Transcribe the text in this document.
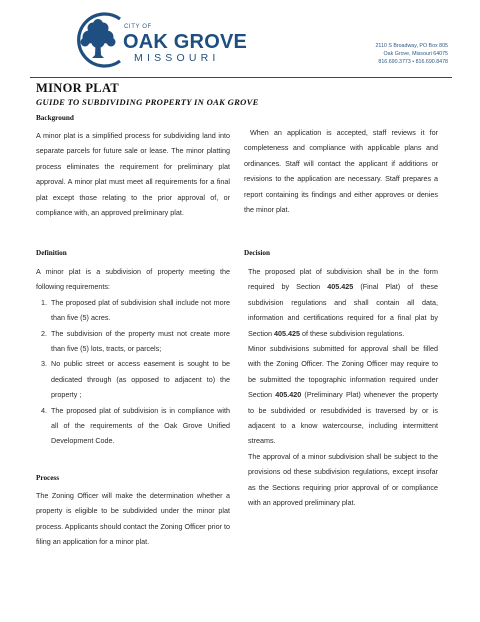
CITY OF
OAK GROVE
MISSOURI
2110 S Broadway, PO Box 805
Oak Grove, Missouri 64075
816.690.3773 • 816.690.8478
MINOR PLAT
GUIDE TO SUBDIVIDING PROPERTY IN OAK GROVE
Background
A minor plat is a simplified process for subdividing land into separate parcels for future sale or lease. The minor platting process eliminates the requirement for preliminary plat approval. A minor plat must meet all requirements for a final plat except those relating to the prior approval of, or compliance with, an approved preliminary plat.
When an application is accepted, staff reviews it for completeness and compliance with applicable plans and ordinances. Staff will contact the applicant if additions or revisions to the application are necessary. Staff prepares a report containing its findings and either approves or denies the minor plat.
Definition

A minor plat is a subdivision of property meeting the following requirements:

1. The proposed plat of subdivision shall include not more than five (5) acres.
2. The subdivision of the property must not create more than five (5) lots, tracts, or parcels;
3. No public street or access easement is sought to be dedicated through (as opposed to adjacent to) the property ;
4. The proposed plat of subdivision is in compliance with all of the requirements of the Oak Grove Unified Development Code.
Process
The Zoning Officer will make the determination whether a property is eligible to be subdivided under the minor plat process. Applicants should contact the Zoning Officer prior to filing an application for a minor plat.
Decision

The proposed plat of subdivision shall be in the form required by Section 405.425 (Final Plat) of these subdivision regulations and shall contain all data, information and certifications required for a final plat by Section 405.425 of these subdivision regulations.

Minor subdivisions submitted for approval shall be filled with the Zoning Officer. The Zoning Officer may require to be submitted the topographic information required under Section 405.420 (Preliminary Plat) whenever the property to be subdivided or resubdivided is traversed by or is adjacent to a know watercourse, including intermittent streams.

The approval of a minor subdivision shall be subject to the provisions od these subdivision regulations, except insofar as the Sections requiring prior approval of or compliance with an approved preliminary plat.
